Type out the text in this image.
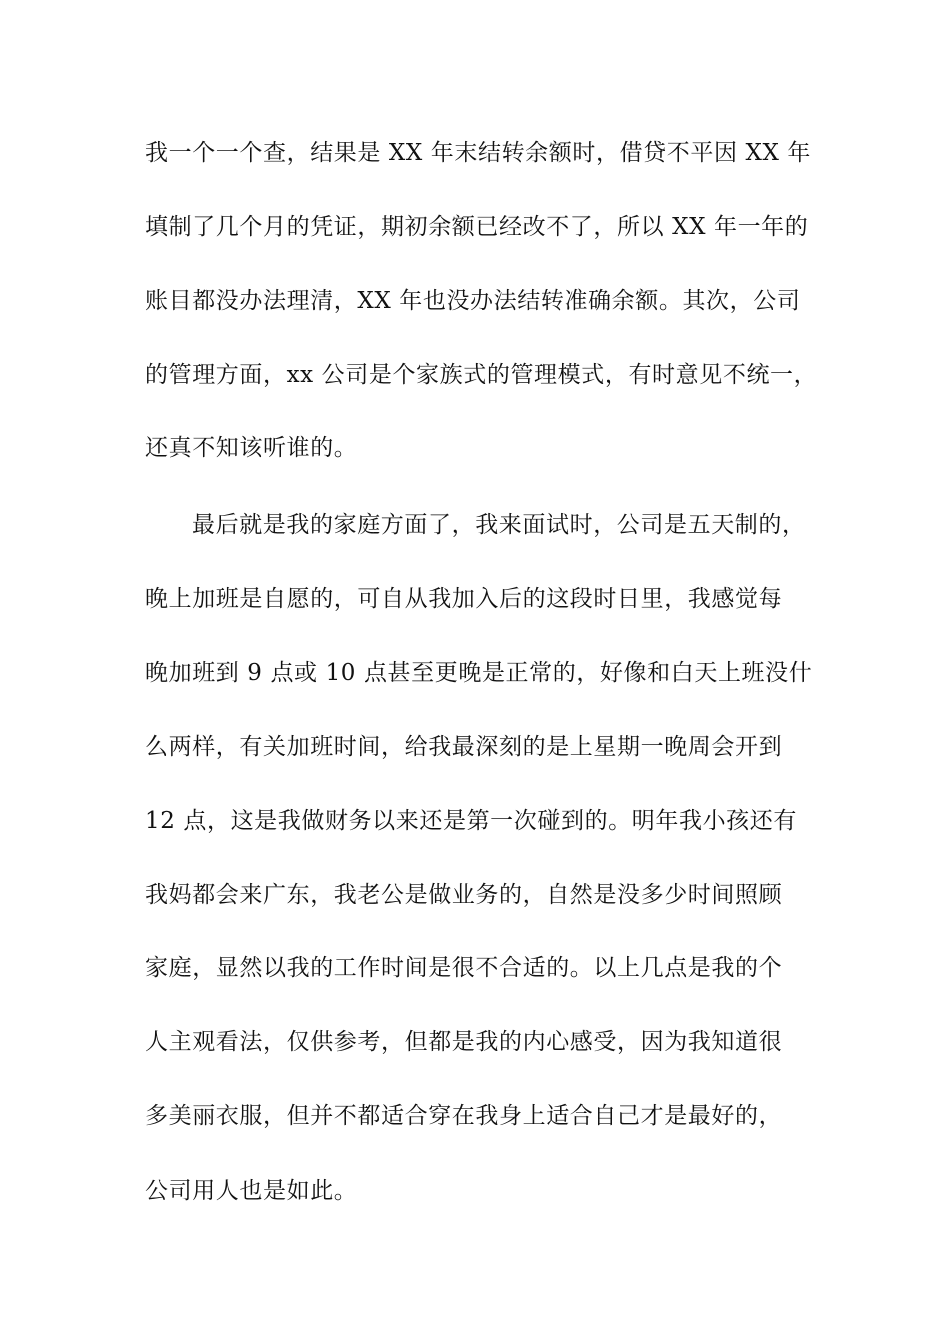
我一个一个查，结果是 XX 年末结转余额时，借贷不平因 XX 年
填制了几个月的凭证，期初余额已经改不了，所以 XX 年一年的
账目都没办法理清，XX 年也没办法结转准确余额。其次，公司
的管理方面，xx 公司是个家族式的管理模式，有时意见不统一，
还真不知该听谁的。
最后就是我的家庭方面了，我来面试时，公司是五天制的，
晚上加班是自愿的，可自从我加入后的这段时日里，我感觉每
晚加班到 9 点或 10 点甚至更晚是正常的，好像和白天上班没什
么两样，有关加班时间，给我最深刻的是上星期一晚周会开到
12 点，这是我做财务以来还是第一次碰到的。明年我小孩还有
我妈都会来广东，我老公是做业务的，自然是没多少时间照顾
家庭，显然以我的工作时间是很不合适的。以上几点是我的个
人主观看法，仅供参考，但都是我的内心感受，因为我知道很
多美丽衣服，但并不都适合穿在我身上适合自己才是最好的，
公司用人也是如此。
